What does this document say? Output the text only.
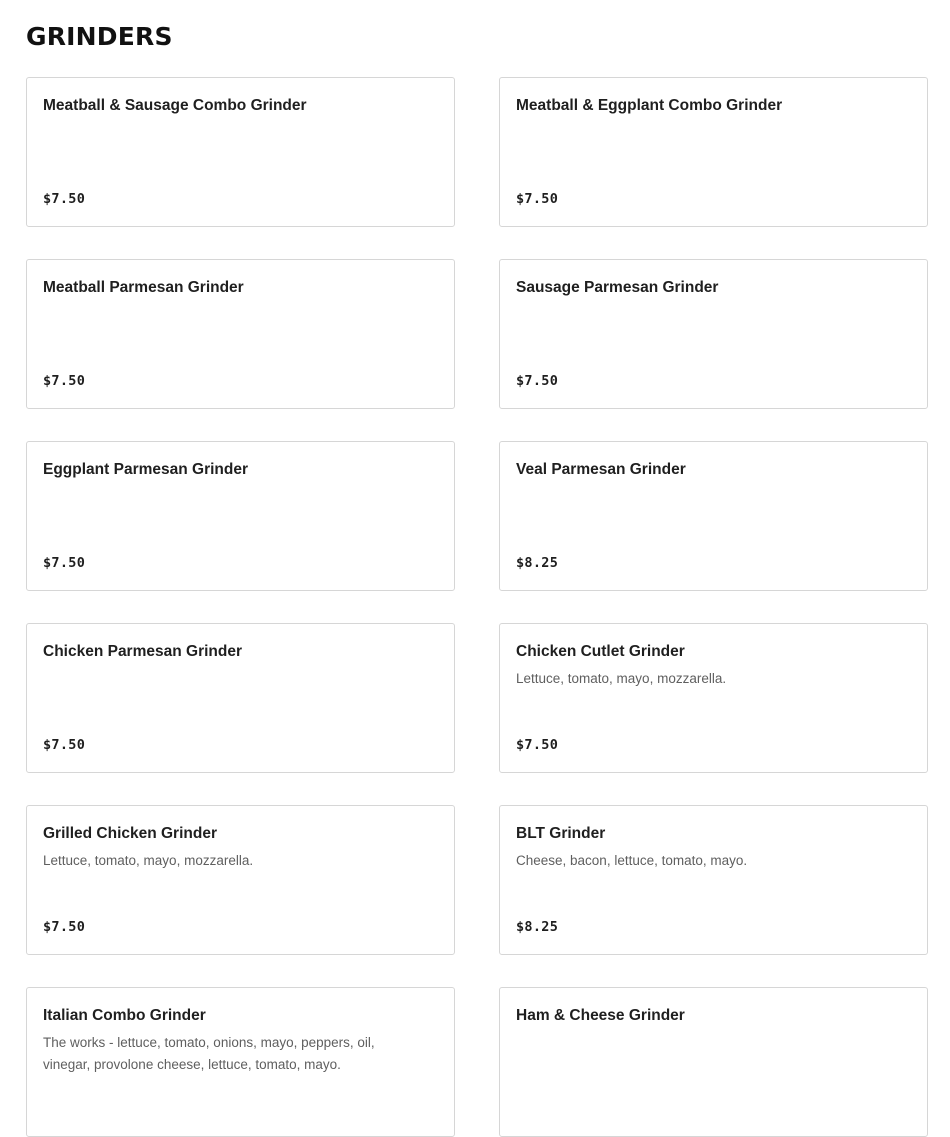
GRINDERS

Meatball & Sausage Combo Grinder

$7.50

Meatball & Eggplant Combo Grinder

$7.50

Meatball Parmesan Grinder

$7.50

Sausage Parmesan Grinder

$7.50

Eggplant Parmesan Grinder

$7.50

Veal Parmesan Grinder

$8.25

Chicken Parmesan Grinder

$7.50

Chicken Cutlet Grinder

Lettuce, tomato, mayo, mozzarella.

$7.50

Grilled Chicken Grinder

Lettuce, tomato, mayo, mozzarella.

$7.50

BLT Grinder

Cheese, bacon, lettuce, tomato, mayo.

$8.25

Italian Combo Grinder

The works - lettuce, tomato, onions, mayo, peppers, oil, vinegar, provolone cheese, lettuce, tomato, mayo.

Ham & Cheese Grinder
